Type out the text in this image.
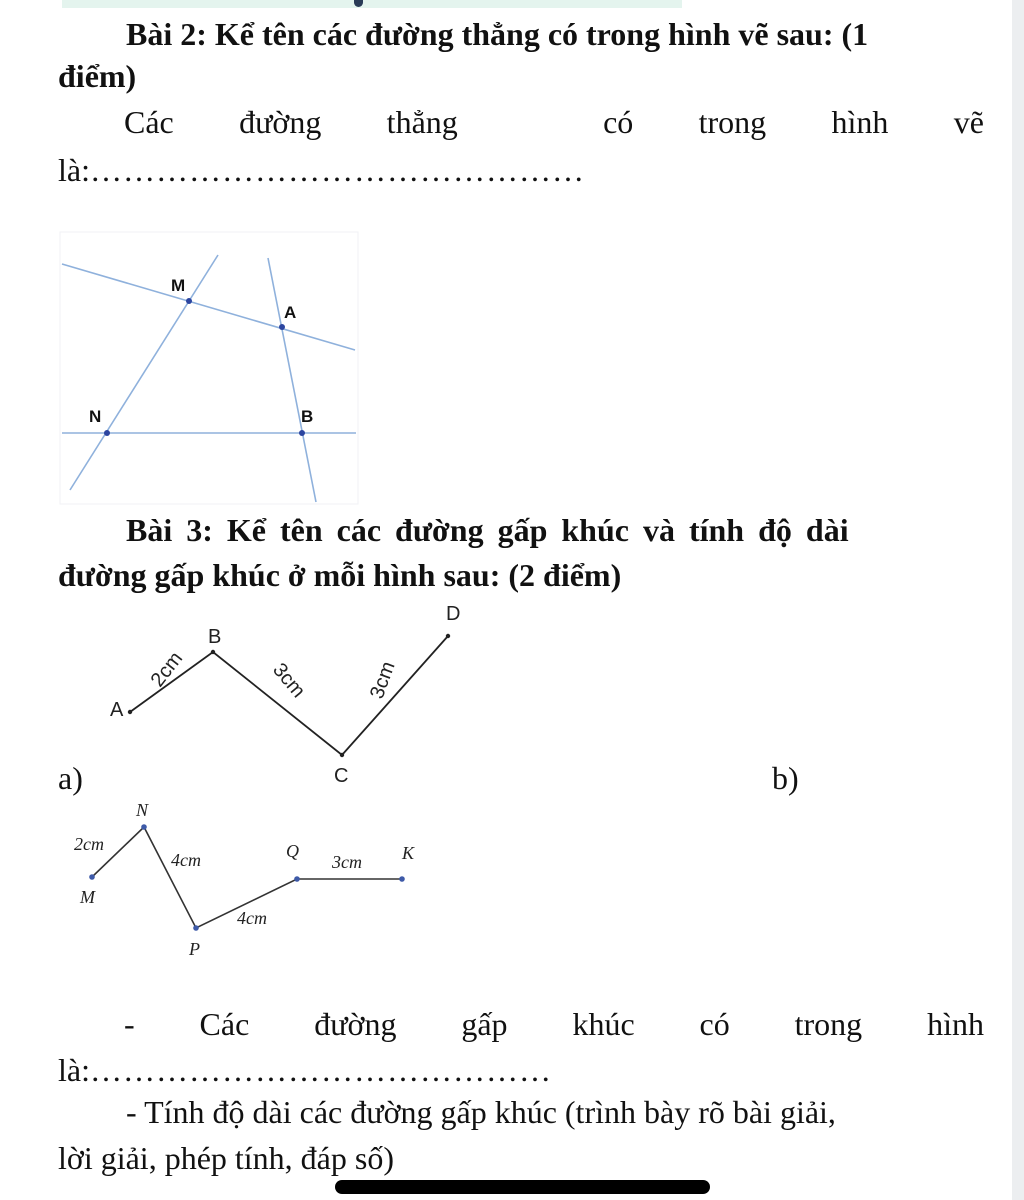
Bài 2: Kể tên các đường thẳng có trong hình vẽ sau: (1
điểm)
Các đường thẳng	có trong hình vẽ
là:………………………………………
M
A
N	B
Bài 3: Kể tên các đường gấp khúc và tính độ dài
đường gấp khúc ở mỗi hình sau: (2 điểm)
A
B
C
D
2cm	3cm	3cm
a)	b)
M
N
P
Q	K
2cm
4cm
4cm
3cm
- Các đường gấp khúc có trong hình
là:……………………………………
- Tính độ dài các đường gấp khúc (trình bày rõ bài giải,
lời giải, phép tính, đáp số)
